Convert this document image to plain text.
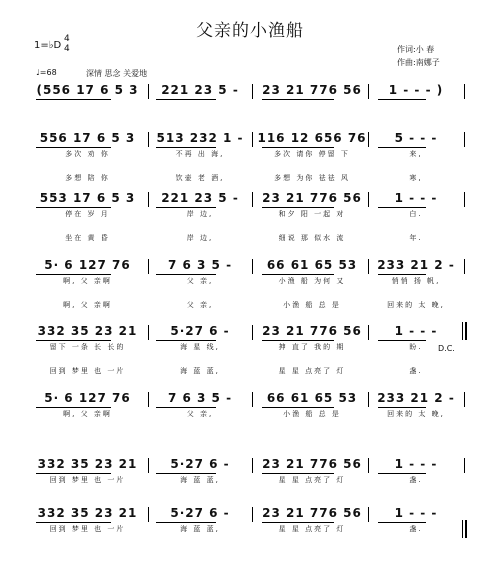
父亲的小渔船
作词:小 春
作曲:南娜子
1=♭D
4
4
♩=68	深情 思念 关爱地
(556 17 6 5 3	221 23 5 -	23 21 776 56	1 - - - )
556 17 6 5 3
多次 劝 你
多想 陪 你
513 232 1 -
不再 出 海,
饮壶 老 酒,
116 12 656 76
多次 请你 停留 下
多想 为你 祛祛 风
5 - - -
来,
寒,
553 17 6 5 3
停在 岁 月
坐在 黄 昏
221 23 5 -
岸 边,
岸 边,
23 21 776 56
和夕 阳 一起 对
细说 那 似水 流
1 - - -
白.
年.
5· 6 127 76
啊, 父 亲啊
啊, 父 亲啊
7 6 3 5 -
父 亲,
父 亲,
66 61 65 53
小渔 船 为何 又
小渔 船 总 是
233 21 2 -
悄悄 扬 帆,
回来的 太 晚,
332 35 23 21
留下 一条 长 长的
回到 梦里 也 一片
5·27 6 -
海 星 线,
海 蓝 蓝,
23 21 776 56
抻 直了 我的 期
星 星 点亮了 灯
1 - - -
盼.
盏.
5· 6 127 76
啊, 父 亲啊
7 6 3 5 -
父 亲,
66 61 65 53
小渔 船 总 是
233 21 2 -
回来的 太 晚,
332 35 23 21
回到 梦里 也 一片
5·27 6 -
海 蓝 蓝,
23 21 776 56
星 星 点亮了 灯
1 - - -
盏.
332 35 23 21
回到 梦里 也 一片
5·27 6 -
海 蓝 蓝,
23 21 776 56
星 星 点亮了 灯
1 - - -
盏.
D.C.
